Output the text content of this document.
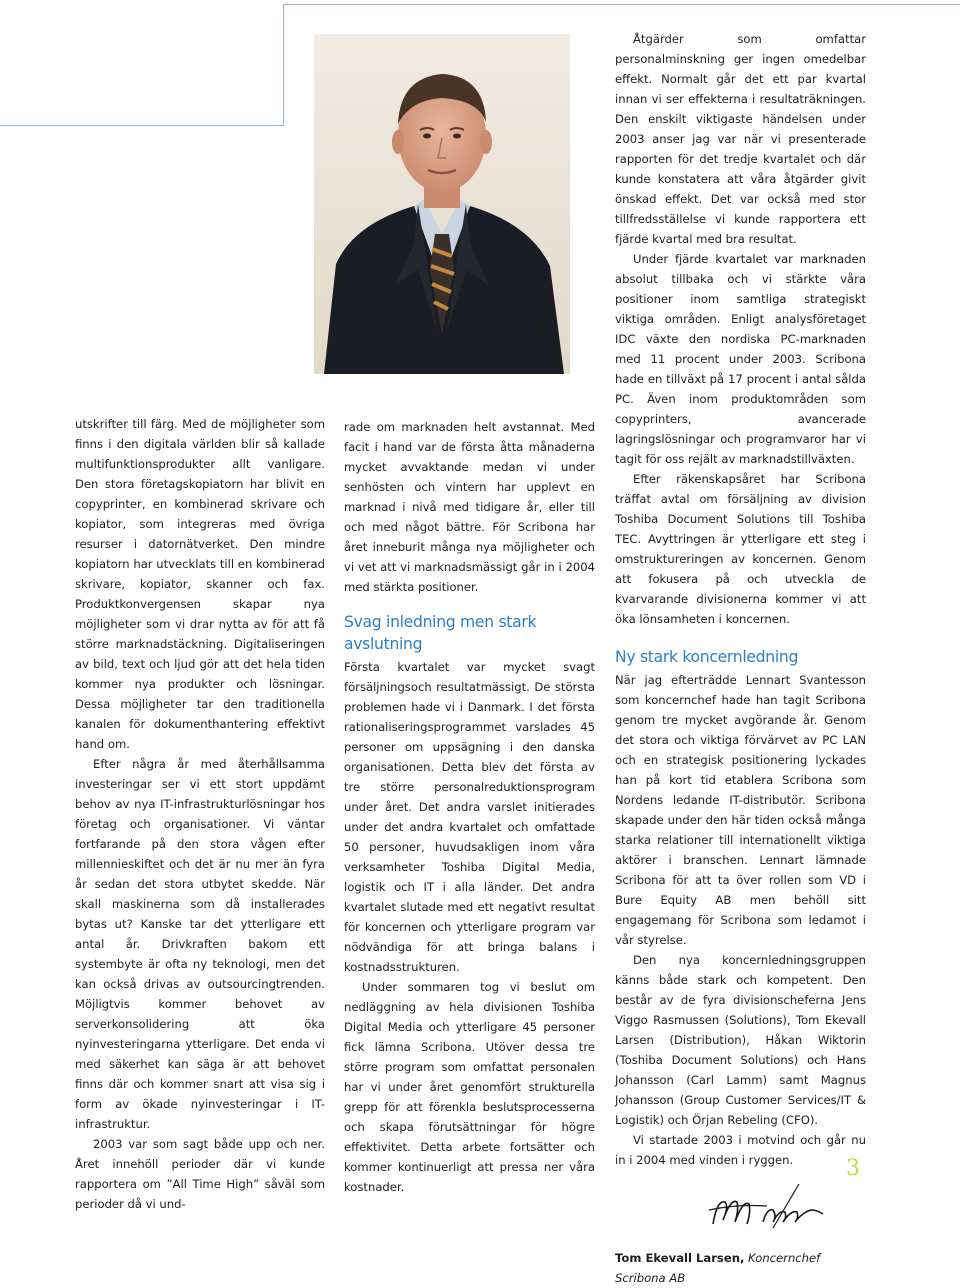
utskrifter till färg. Med de möjligheter som finns i den digitala världen blir så kallade multifunktionsprodukter allt vanligare. Den stora företagskopiatorn har blivit en copyprinter, en kombinerad skrivare och kopiator, som integreras med övriga resurser i datornätverket. Den mindre kopiatorn har utvecklats till en kombinerad skrivare, kopiator, skanner och fax. Produktkonvergensen skapar nya möjligheter som vi drar nytta av för att få större marknadstäckning. Digitaliseringen av bild, text och ljud gör att det hela tiden kommer nya produkter och lösningar. Dessa möjligheter tar den traditionella kanalen för dokumenthantering effektivt hand om.

Efter några år med återhållsamma investeringar ser vi ett stort uppdämt behov av nya IT-infrastrukturlösningar hos företag och organisationer. Vi väntar fortfarande på den stora vågen efter millennieskiftet och det är nu mer än fyra år sedan det stora utbytet skedde. När skall maskinerna som då installerades bytas ut? Kanske tar det ytterligare ett antal år. Drivkraften bakom ett systembyte är ofta ny teknologi, men det kan också drivas av outsourcingtrenden. Möjligtvis kommer behovet av serverkonsolidering att öka nyinvesteringarna ytterligare. Det enda vi med säkerhet kan säga är att behovet finns där och kommer snart att visa sig i form av ökade nyinvesteringar i IT-infrastruktur.

2003 var som sagt både upp och ner. Året innehöll perioder där vi kunde rapportera om ”All Time High” såväl som perioder då vi und-

rade om marknaden helt avstannat. Med facit i hand var de första åtta månaderna mycket avvaktande medan vi under senhösten och vintern har upplevt en marknad i nivå med tidigare år, eller till och med något bättre. För Scribona har året inneburit många nya möjligheter och vi vet att vi marknadsmässigt går in i 2004 med stärkta positioner.

Svag inledning men stark avslutning

Första kvartalet var mycket svagt försäljningsoch resultatmässigt. De största problemen hade vi i Danmark. I det första rationaliseringsprogrammet varslades 45 personer om uppsägning i den danska organisationen. Detta blev det första av tre större personalreduktionsprogram under året. Det andra varslet initierades under det andra kvartalet och omfattade 50 personer, huvudsakligen inom våra verksamheter Toshiba Digital Media, logistik och IT i alla länder. Det andra kvartalet slutade med ett negativt resultat för koncernen och ytterligare program var nödvändiga för att bringa balans i kostnadsstrukturen.

Under sommaren tog vi beslut om nedläggning av hela divisionen Toshiba Digital Media och ytterligare 45 personer fick lämna Scribona. Utöver dessa tre större program som omfattat personalen har vi under året genomfört strukturella grepp för att förenkla beslutsprocesserna och skapa förutsättningar för högre effektivitet. Detta arbete fortsätter och kommer kontinuerligt att pressa ner våra kostnader.

Åtgärder som omfattar personalminskning ger ingen omedelbar effekt. Normalt går det ett par kvartal innan vi ser effekterna i resultaträkningen. Den enskilt viktigaste händelsen under 2003 anser jag var när vi presenterade rapporten för det tredje kvartalet och där kunde konstatera att våra åtgärder givit önskad effekt. Det var också med stor tillfredsställelse vi kunde rapportera ett fjärde kvartal med bra resultat.

Under fjärde kvartalet var marknaden absolut tillbaka och vi stärkte våra positioner inom samtliga strategiskt viktiga områden. Enligt analysföretaget IDC växte den nordiska PC-marknaden med 11 procent under 2003. Scribona hade en tillväxt på 17 procent i antal sålda PC. Även inom produktområden som copyprinters, avancerade lagringslösningar och programvaror har vi tagit för oss rejält av marknadstillväxten.

Efter räkenskapsåret har Scribona träffat avtal om försäljning av division Toshiba Document Solutions till Toshiba TEC. Avyttringen är ytterligare ett steg i omstruktureringen av koncernen. Genom att fokusera på och utveckla de kvarvarande divisionerna kommer vi att öka lönsamheten i koncernen.

Ny stark koncernledning

När jag efterträdde Lennart Svantesson som koncernchef hade han tagit Scribona genom tre mycket avgörande år. Genom det stora och viktiga förvärvet av PC LAN och en strategisk positionering lyckades han på kort tid etablera Scribona som Nordens ledande IT-distributör. Scribona skapade under den här tiden också många starka relationer till internationellt viktiga aktörer i branschen. Lennart lämnade Scribona för att ta över rollen som VD i Bure Equity AB men behöll sitt engagemang för Scribona som ledamot i vår styrelse.

Den nya koncernledningsgruppen känns både stark och kompetent. Den består av de fyra divisionscheferna Jens Viggo Rasmussen (Solutions), Tom Ekevall Larsen (Distribution), Håkan Wiktorin (Toshiba Document Solutions) och Hans Johansson (Carl Lamm) samt Magnus Johansson (Group Customer Services/IT & Logistik) och Örjan Rebeling (CFO).

Vi startade 2003 i motvind och går nu in i 2004 med vinden i ryggen.

Tom Ekevall Larsen, Koncernchef Scribona AB
3
